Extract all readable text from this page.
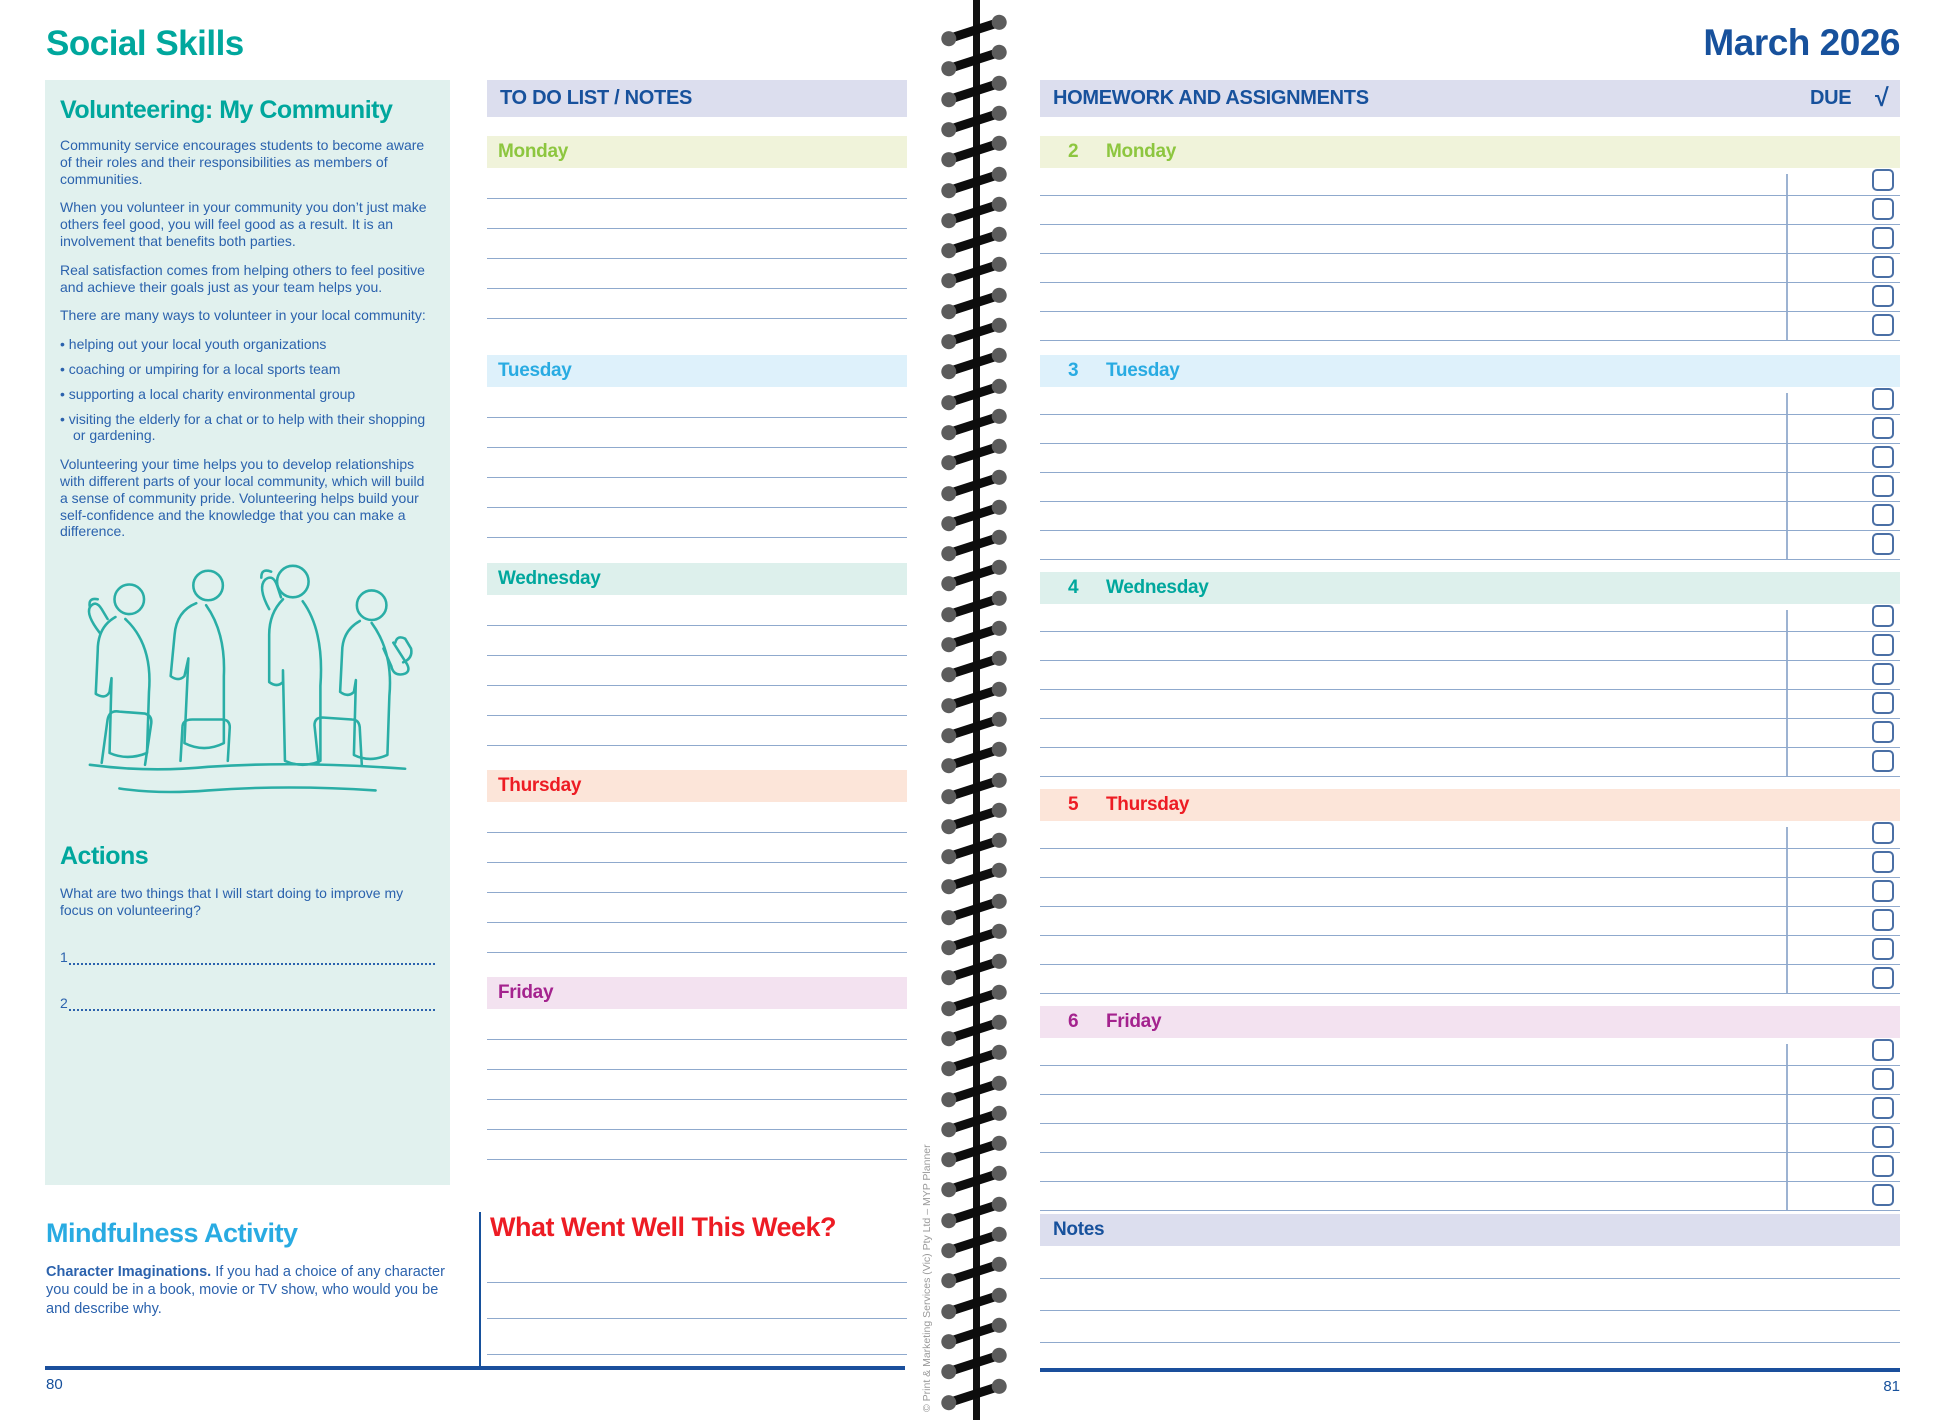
Social Skills
Volunteering: My Community

Community service encourages students to become aware of their roles and their responsibilities as members of communities.

When you volunteer in your community you don’t just make others feel good, you will feel good as a result. It is an involvement that benefits both parties.

Real satisfaction comes from helping others to feel positive and achieve their goals just as your team helps you.

There are many ways to volunteer in your local community:

• helping out your local youth organizations
• coaching or umpiring for a local sports team
• supporting a local charity environmental group
• visiting the elderly for a chat or to help with their shopping or gardening.

Volunteering your time helps you to develop relationships with different parts of your local community, which will build a sense of community pride. Volunteering helps build your self-confidence and the knowledge that you can make a difference.

Actions

What are two things that I will start doing to improve my focus on volunteering?

1
2
Mindfulness Activity

Character Imaginations. If you had a choice of any character you could be in a book, movie or TV show, who would you be and describe why.

TO DO LIST / NOTES
Monday
Tuesday
Wednesday
Thursday
Friday
What Went Well This Week?
80	© Print & Marketing Services (Vic) Pty Ltd – MYP Planner
March 2026
HOMEWORK AND ASSIGNMENTS	DUE √
2 Monday
3 Tuesday
4 Wednesday
5 Thursday
6 Friday
Notes
81
